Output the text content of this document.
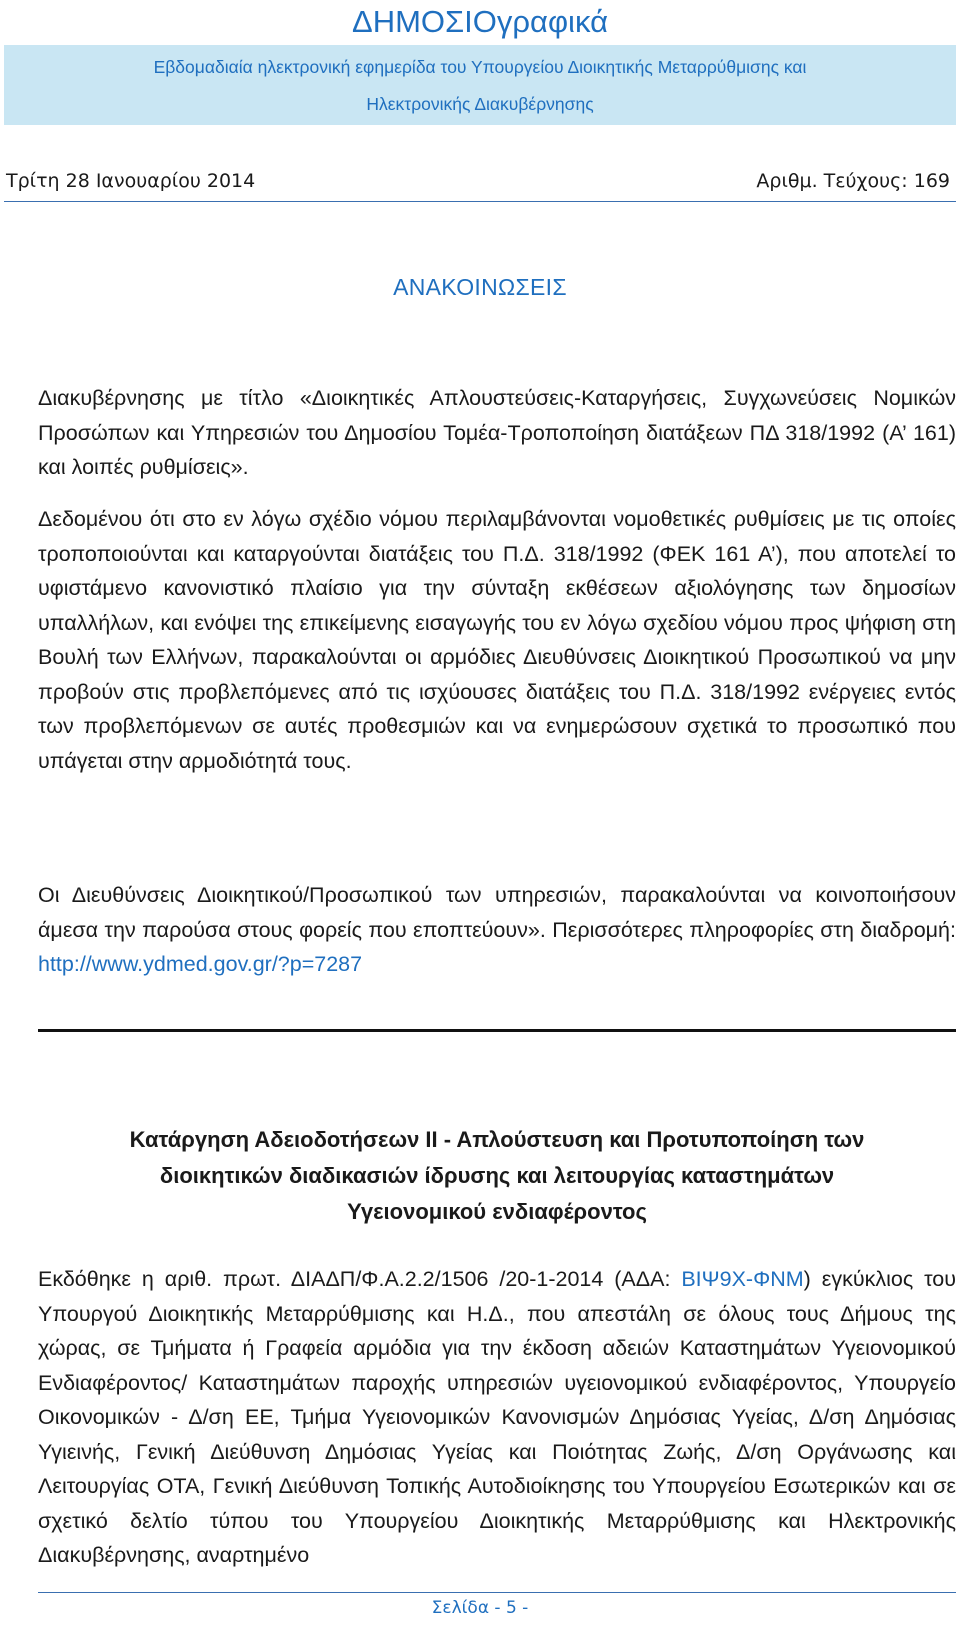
ΔΗΜΟΣΙΟγραφικά
Εβδομαδιαία ηλεκτρονική εφημερίδα του Υπουργείου Διοικητικής Μεταρρύθμισης και
Ηλεκτρονικής Διακυβέρνησης
Τρίτη 28 Ιανουαρίου 2014	Αριθμ. Τεύχους: 169
ΑΝΑΚΟΙΝΩΣΕΙΣ

Διακυβέρνησης με τίτλο «Διοικητικές Απλουστεύσεις-Καταργήσεις, Συγχωνεύσεις Νομικών Προσώπων και Υπηρεσιών του Δημοσίου Τομέα-Τροποποίηση διατάξεων ΠΔ 318/1992 (Α’ 161) και λοιπές ρυθμίσεις».

Δεδομένου ότι στο εν λόγω σχέδιο νόμου περιλαμβάνονται νομοθετικές ρυθμίσεις με τις οποίες τροποποιούνται και καταργούνται διατάξεις του Π.Δ. 318/1992 (ΦΕΚ 161 Α’), που αποτελεί το υφιστάμενο κανονιστικό πλαίσιο για την σύνταξη εκθέσεων αξιολόγησης των δημοσίων υπαλλήλων, και ενόψει της επικείμενης εισαγωγής του εν λόγω σχεδίου νόμου προς ψήφιση στη Βουλή των Ελλήνων, παρακαλούνται οι αρμόδιες Διευθύνσεις Διοικητικού Προσωπικού να μην προβούν στις προβλεπόμενες από τις ισχύουσες διατάξεις του Π.Δ. 318/1992 ενέργειες εντός των προβλεπόμενων σε αυτές προθεσμιών και να ενημερώσουν σχετικά το προσωπικό που υπάγεται στην αρμοδιότητά τους.

Οι Διευθύνσεις Διοικητικού/Προσωπικού των υπηρεσιών, παρακαλούνται να κοινοποιήσουν άμεσα την παρούσα στους φορείς που εποπτεύουν». Περισσότερες πληροφορίες στη διαδρομή: http://www.ydmed.gov.gr/?p=7287

Κατάργηση Αδειοδοτήσεων ΙΙ - Απλούστευση και Προτυποποίηση των
διοικητικών διαδικασιών ίδρυσης και λειτουργίας καταστημάτων
Υγειονομικού ενδιαφέροντος

Εκδόθηκε η αριθ. πρωτ. ΔΙΑΔΠ/Φ.Α.2.2/1506 /20-1-2014 (ΑΔΑ: ΒΙΨ9Χ-ΦΝΜ) εγκύκλιος του Υπουργού Διοικητικής Μεταρρύθμισης και Η.Δ., που απεστάλη σε όλους τους Δήμους της χώρας, σε Τμήματα ή Γραφεία αρμόδια για την έκδοση αδειών Καταστημάτων Υγειονομικού Ενδιαφέροντος/ Καταστημάτων παροχής υπηρεσιών υγειονομικού ενδιαφέροντος, Υπουργείο Οικονομικών - Δ/ση ΕΕ, Τμήμα Υγειονομικών Κανονισμών Δημόσιας Υγείας, Δ/ση Δημόσιας Υγιεινής, Γενική Διεύθυνση Δημόσιας Υγείας και Ποιότητας Ζωής, Δ/ση Οργάνωσης και Λειτουργίας ΟΤΑ, Γενική Διεύθυνση Τοπικής Αυτοδιοίκησης του Υπουργείου Εσωτερικών και σε σχετικό δελτίο τύπου του Υπουργείου Διοικητικής Μεταρρύθμισης και Ηλεκτρονικής Διακυβέρνησης, αναρτημένο

Σελίδα - 5 -
